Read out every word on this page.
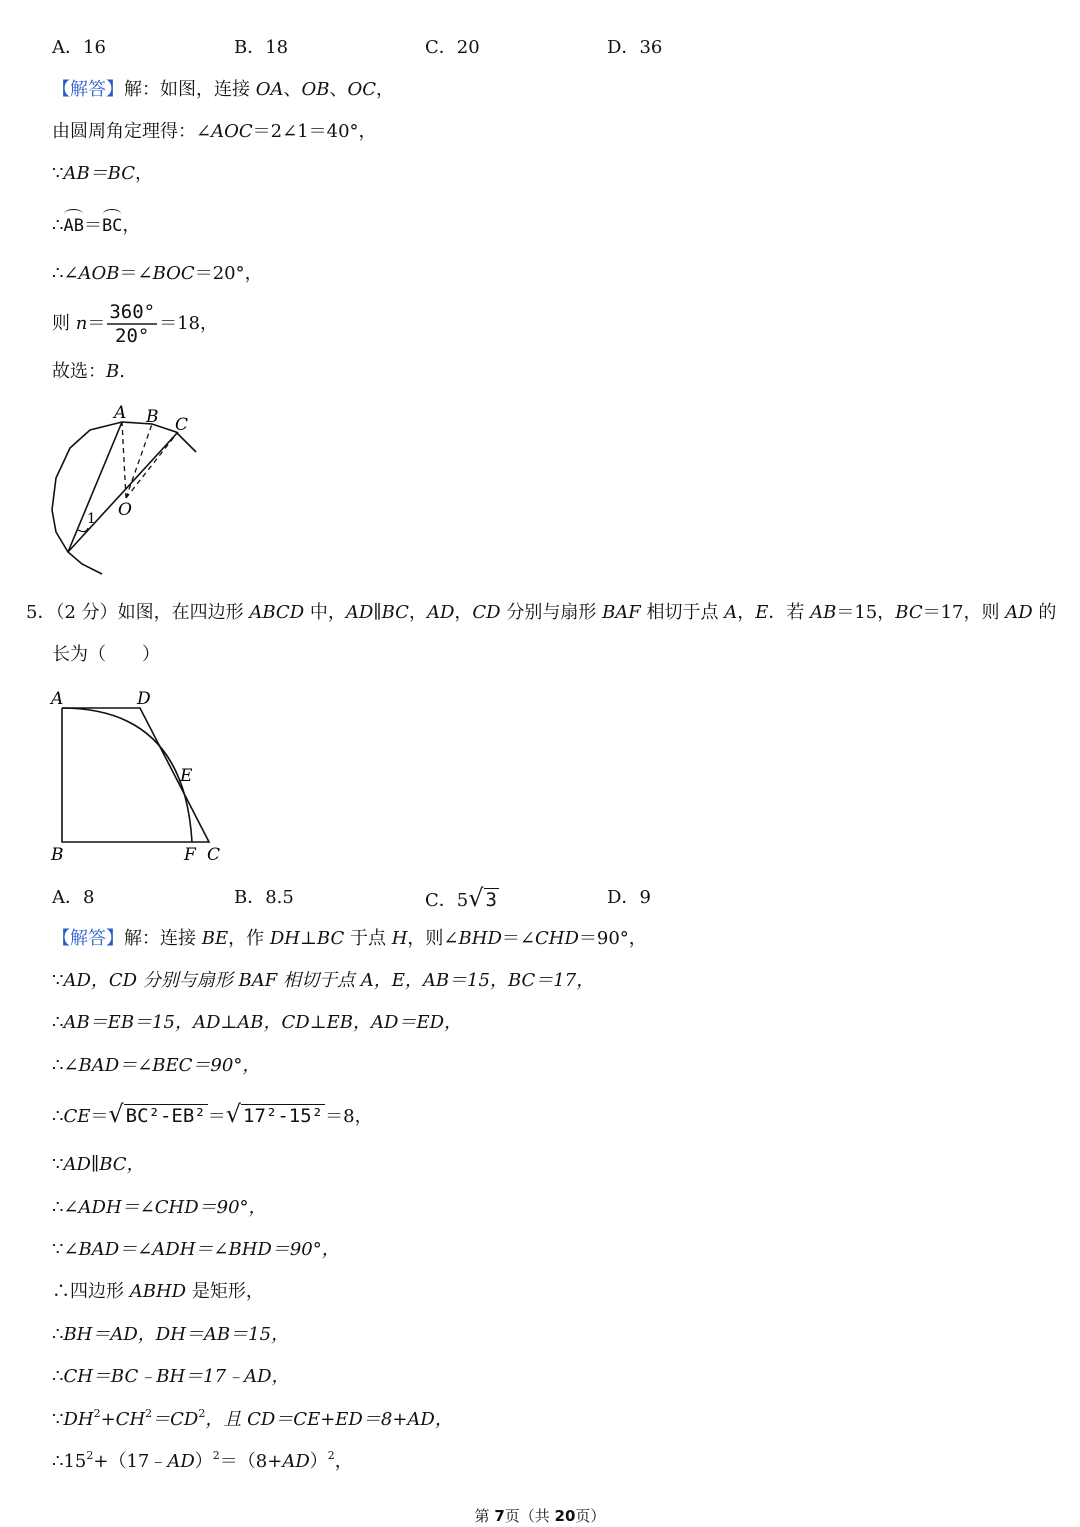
A．16	B．18	C．20	D．36
【解答】解：如图，连接 OA、OB、OC，
由圆周角定理得：∠AOC＝2∠1＝40°，
∵AB＝BC，
∴AB＝BC，
∴∠AOB＝∠BOC＝20°，
则 $n= \frac{360^\circ}{20^\circ} =18$，
故选：B.
A B C
O
1
5．（2 分）如图，在四边形 ABCD 中，AD∥BC，AD，CD 分别与扇形 BAF 相切于点 A，E．若 AB＝15，BC＝17，则 AD 的
长为（　　）
A	D
E
B	F C
A．8	B．8.5	C．5√ 3	D．9
【解答】解：连接 BE，作 DH⊥BC 于点 H，则∠BHD＝∠CHD＝90°，
∵AD，CD 分别与扇形 BAF 相切于点 A，E，AB＝15，BC＝17，
∴AB＝EB＝15，AD⊥AB，CD⊥EB，AD＝ED，
∴∠BAD＝∠BEC＝90°，
∴CE＝√ BC²-EB² ＝√ 17²-15² ＝8，
∵AD∥BC，
∴∠ADH＝∠CHD＝90°，
∵∠BAD＝∠ADH＝∠BHD＝90°，
∴四边形 ABHD 是矩形，
∴BH＝AD，DH＝AB＝15，
∴CH＝BC﹣BH＝17﹣AD，
$\because DH^2+CH^2=CD^2$，且 CD＝CE+ED＝8+AD，
$\therefore 15^2+(17﹣AD)^2=(8+AD)^2$，
第 7页（共 20页）
